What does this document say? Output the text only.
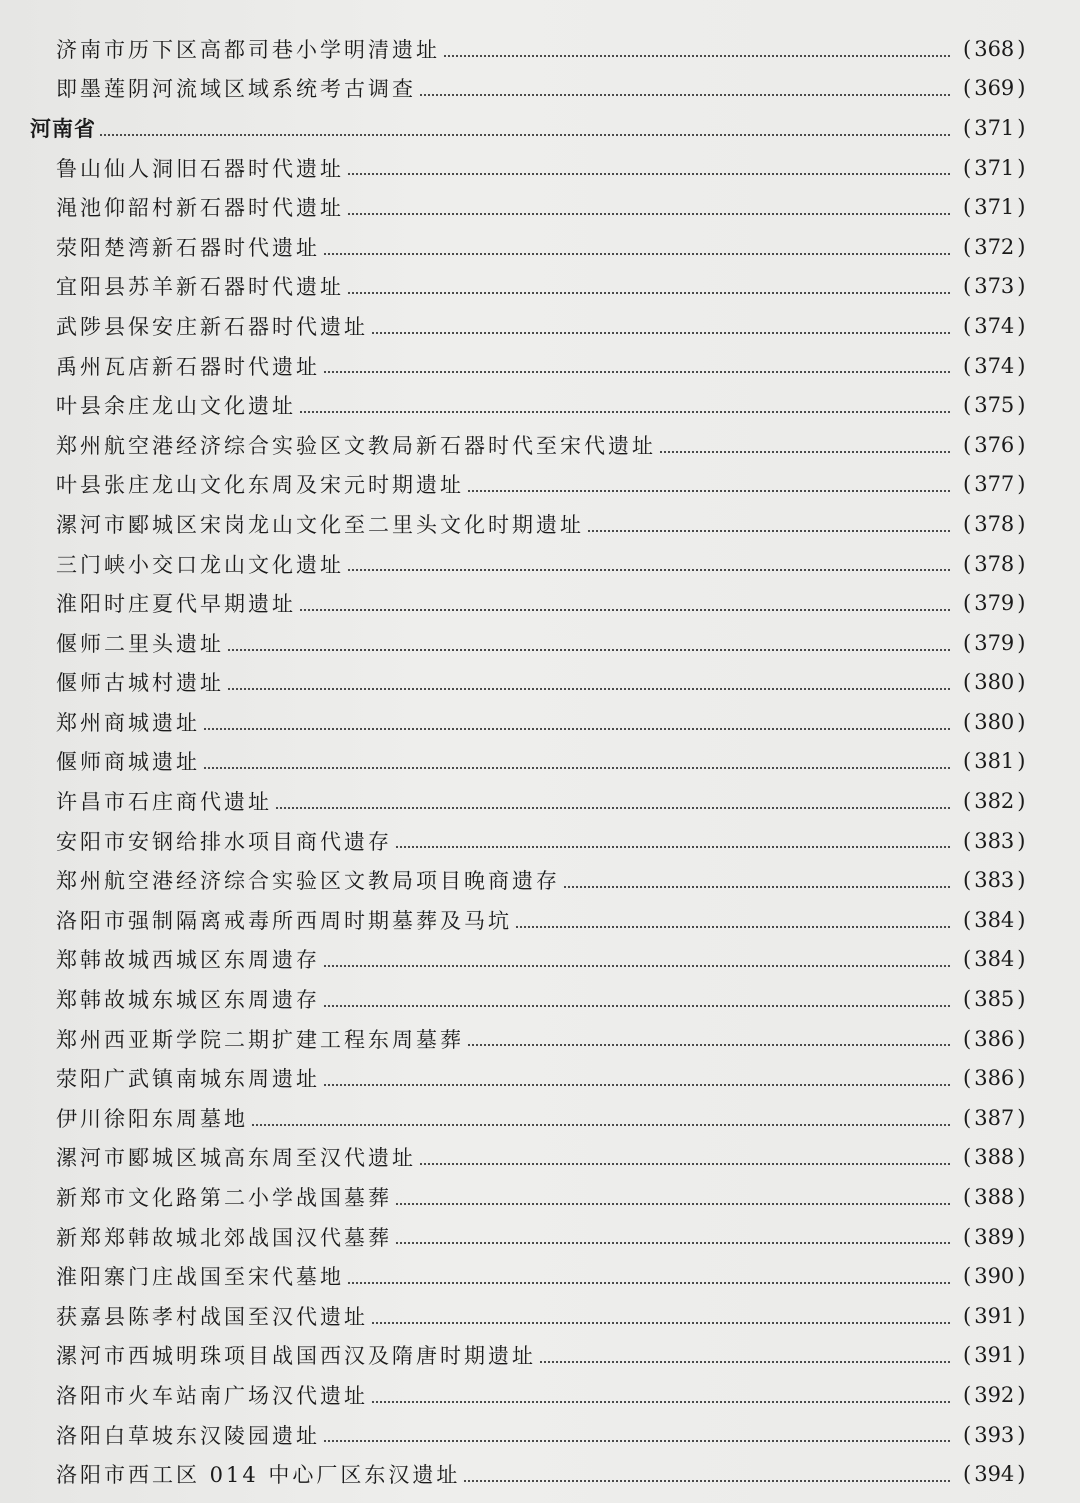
济南市历下区高都司巷小学明清遗址	( 368 )
即墨莲阴河流域区域系统考古调查	( 369 )
河南省	( 371 )
鲁山仙人洞旧石器时代遗址	( 371 )
渑池仰韶村新石器时代遗址	( 371 )
荥阳楚湾新石器时代遗址	( 372 )
宜阳县苏羊新石器时代遗址	( 373 )
武陟县保安庄新石器时代遗址	( 374 )
禹州瓦店新石器时代遗址	( 374 )
叶县余庄龙山文化遗址	( 375 )
郑州航空港经济综合实验区文教局新石器时代至宋代遗址	( 376 )
叶县张庄龙山文化东周及宋元时期遗址	( 377 )
漯河市郾城区宋岗龙山文化至二里头文化时期遗址	( 378 )
三门峡小交口龙山文化遗址	( 378 )
淮阳时庄夏代早期遗址	( 379 )
偃师二里头遗址	( 379 )
偃师古城村遗址	( 380 )
郑州商城遗址	( 380 )
偃师商城遗址	( 381 )
许昌市石庄商代遗址	( 382 )
安阳市安钢给排水项目商代遗存	( 383 )
郑州航空港经济综合实验区文教局项目晚商遗存	( 383 )
洛阳市强制隔离戒毒所西周时期墓葬及马坑	( 384 )
郑韩故城西城区东周遗存	( 384 )
郑韩故城东城区东周遗存	( 385 )
郑州西亚斯学院二期扩建工程东周墓葬	( 386 )
荥阳广武镇南城东周遗址	( 386 )
伊川徐阳东周墓地	( 387 )
漯河市郾城区城高东周至汉代遗址	( 388 )
新郑市文化路第二小学战国墓葬	( 388 )
新郑郑韩故城北郊战国汉代墓葬	( 389 )
淮阳寨门庄战国至宋代墓地	( 390 )
获嘉县陈孝村战国至汉代遗址	( 391 )
漯河市西城明珠项目战国西汉及隋唐时期遗址	( 391 )
洛阳市火车站南广场汉代遗址	( 392 )
洛阳白草坡东汉陵园遗址	( 393 )
洛阳市西工区 014 中心厂区东汉遗址	( 394 )
